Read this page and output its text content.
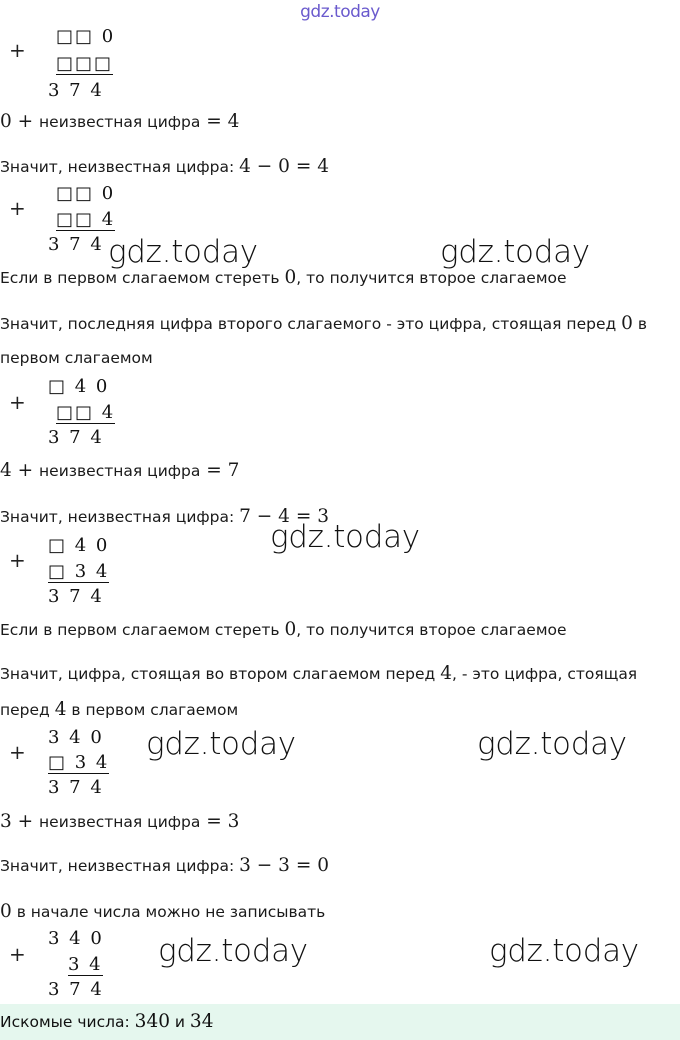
gdz.today
+
□□ 0
□□□
3 7 4
0 + неизвестная цифра = 4
Значит, неизвестная цифра: 4 − 0 = 4
+
□□ 0
□□ 4
3 7 4 gdz.today	gdz.today
Если в первом слагаемом стереть 0, то получится второе слагаемое
Значит, последняя цифра второго слагаемого - это цифра, стоящая перед 0 в
первом слагаемом
+
□ 4 0
□□ 4
3 7 4
4 + неизвестная цифра = 7
Значит, неизвестная цифра: 7 − 4 = 3
+
□ 4 0
□ 3 4
3 7 4
gdz.today
Если в первом слагаемом стереть 0, то получится второе слагаемое
Значит, цифра, стоящая во втором слагаемом перед 4, - это цифра, стоящая
перед 4 в первом слагаемом
+
3 4 0
□ 3 4
3 7 4
gdz.today	gdz.today
3 + неизвестная цифра = 3
Значит, неизвестная цифра: 3 − 3 = 0
0 в начале числа можно не записывать
+
3 4 0
3 4
3 7 4
gdz.today	gdz.today
Искомые числа: 340 и 34
